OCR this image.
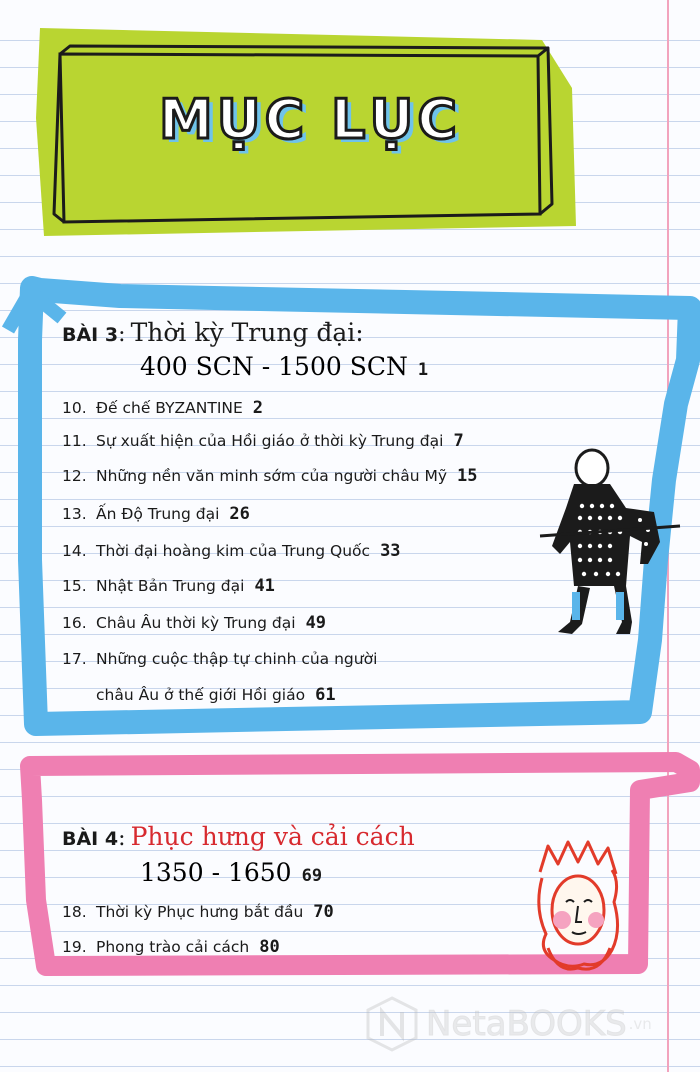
MỤC LỤC
BÀI 3: Thời kỳ Trung đại:
400 SCN - 1500 SCN 1

10. Đế chế BYZANTINE 2

11. Sự xuất hiện của Hồi giáo ở thời kỳ Trung đại 7

12. Những nền văn minh sớm của người châu Mỹ 15

13. Ấn Độ Trung đại 26

14. Thời đại hoàng kim của Trung Quốc 33

15. Nhật Bản Trung đại 41

16. Châu Âu thời kỳ Trung đại 49

17. Những cuộc thập tự chinh của người

châu Âu ở thế giới Hồi giáo 61

BÀI 4: Phục hưng và cải cách
1350 - 1650 69

18. Thời kỳ Phục hưng bắt đầu 70

19. Phong trào cải cách 80

NetaBOOKS .vn
